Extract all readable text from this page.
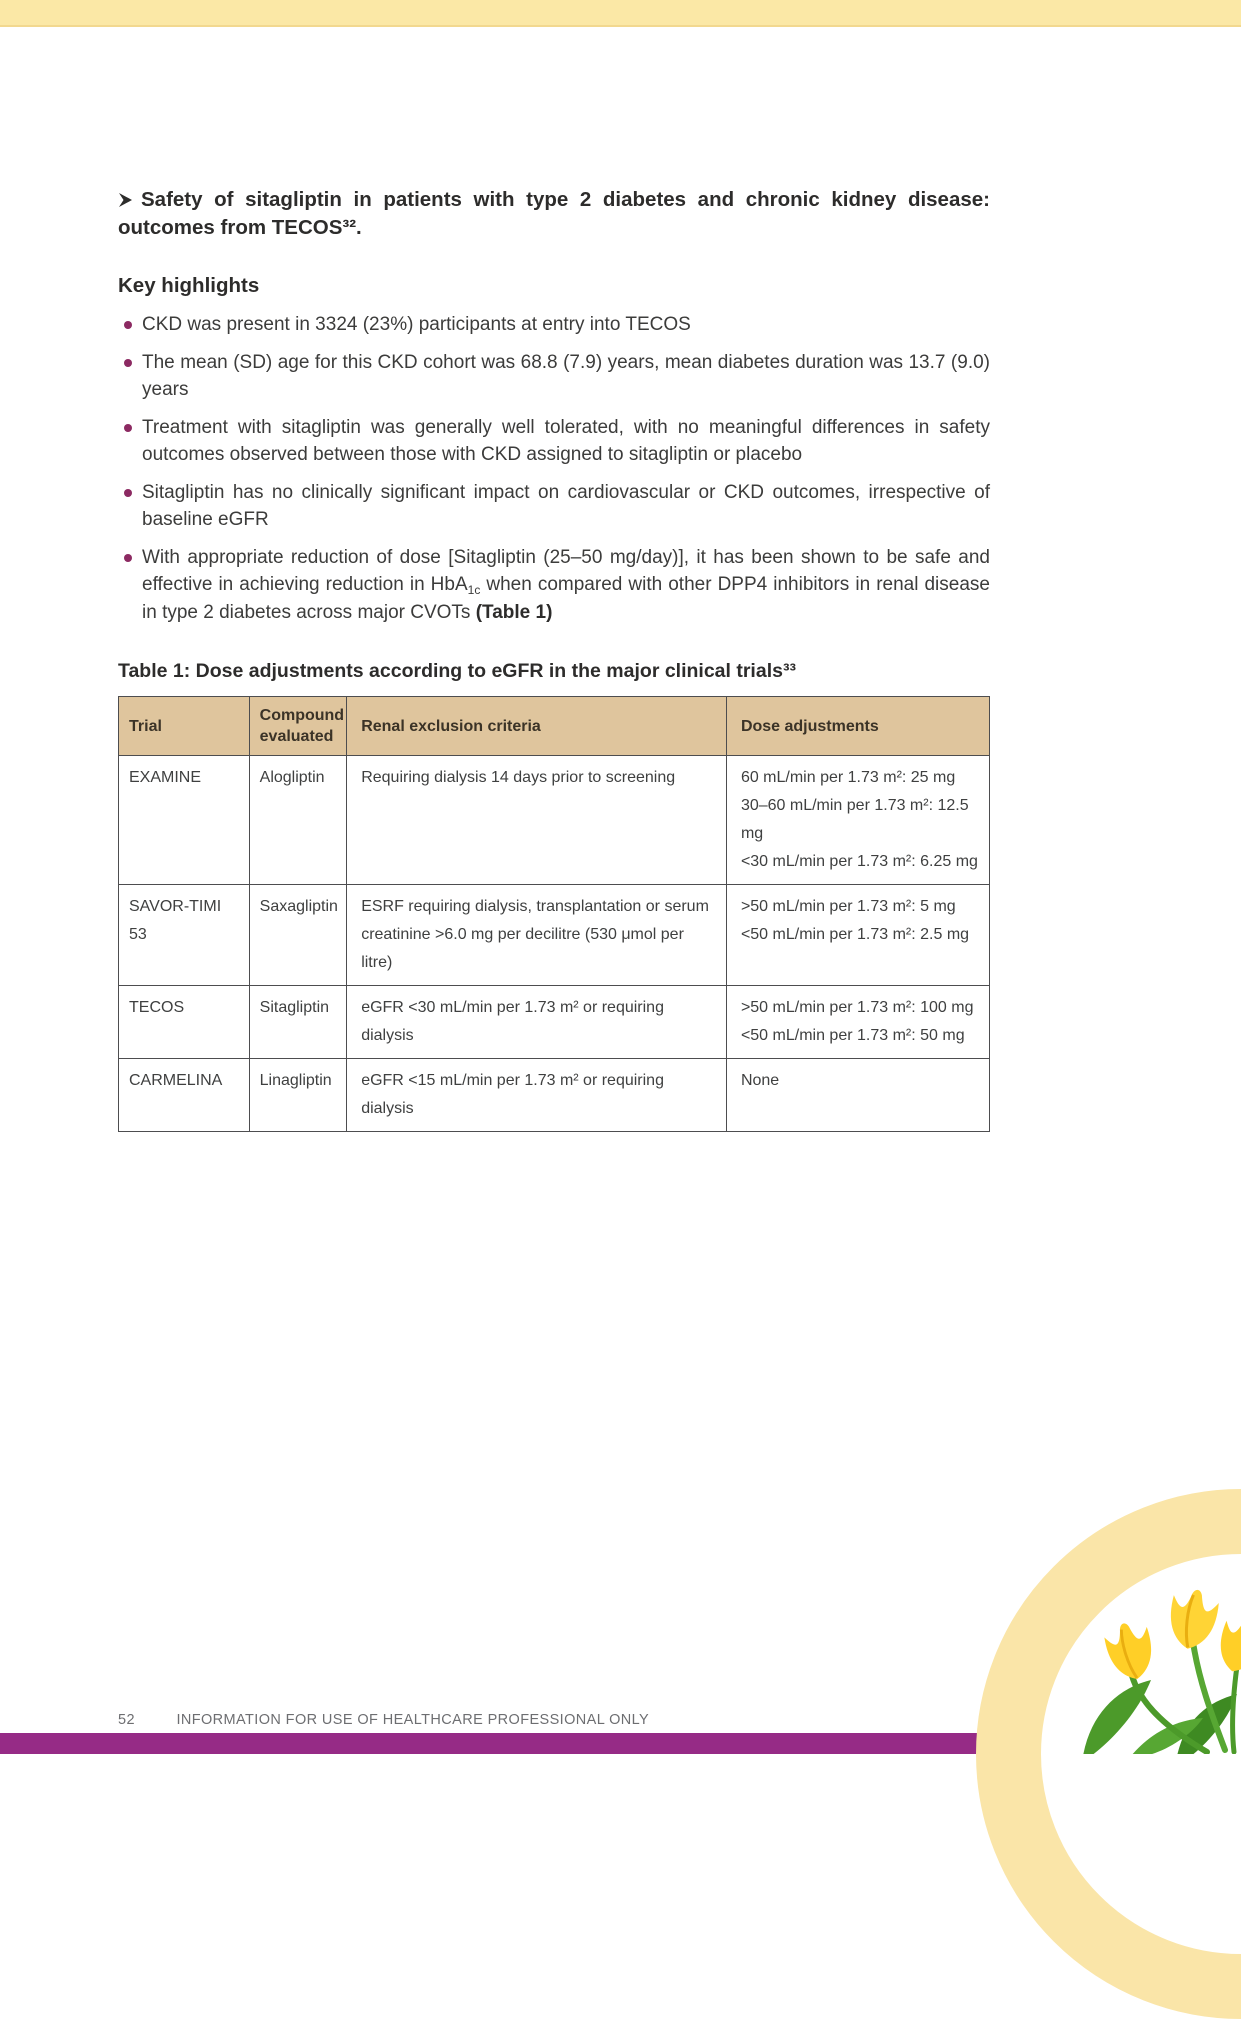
Safety of sitagliptin in patients with type 2 diabetes and chronic kidney disease: outcomes from TECOS³².

Key highlights
CKD was present in 3324 (23%) participants at entry into TECOS
The mean (SD) age for this CKD cohort was 68.8 (7.9) years, mean diabetes duration was 13.7 (9.0) years
Treatment with sitagliptin was generally well tolerated, with no meaningful differences in safety outcomes observed between those with CKD assigned to sitagliptin or placebo
Sitagliptin has no clinically significant impact on cardiovascular or CKD outcomes, irrespective of baseline eGFR
With appropriate reduction of dose [Sitagliptin (25–50 mg/day)], it has been shown to be safe and effective in achieving reduction in HbA$_{1c}$ when compared with other DPP4 inhibitors in renal disease in type 2 diabetes across major CVOTs (Table 1)
Table 1: Dose adjustments according to eGFR in the major clinical trials³³
Trial	Compound evaluated	Renal exclusion criteria	Dose adjustments
EXAMINE	Alogliptin	Requiring dialysis 14 days prior to screening	60 mL/min per 1.73 m²: 25 mg
30–60 mL/min per 1.73 m²: 12.5 mg
<30 mL/min per 1.73 m²: 6.25 mg

SAVOR-TIMI 53	Saxagliptin	ESRF requiring dialysis, transplantation or serum creatinine >6.0 mg per decilitre (530 μmol per litre)	>50 mL/min per 1.73 m²: 5 mg
<50 mL/min per 1.73 m²: 2.5 mg

TECOS	Sitagliptin	eGFR <30 mL/min per 1.73 m² or requiring dialysis	>50 mL/min per 1.73 m²: 100 mg
<50 mL/min per 1.73 m²: 50 mg

CARMELINA	Linagliptin	eGFR <15 mL/min per 1.73 m² or requiring dialysis	None
52	INFORMATION FOR USE OF HEALTHCARE PROFESSIONAL ONLY
